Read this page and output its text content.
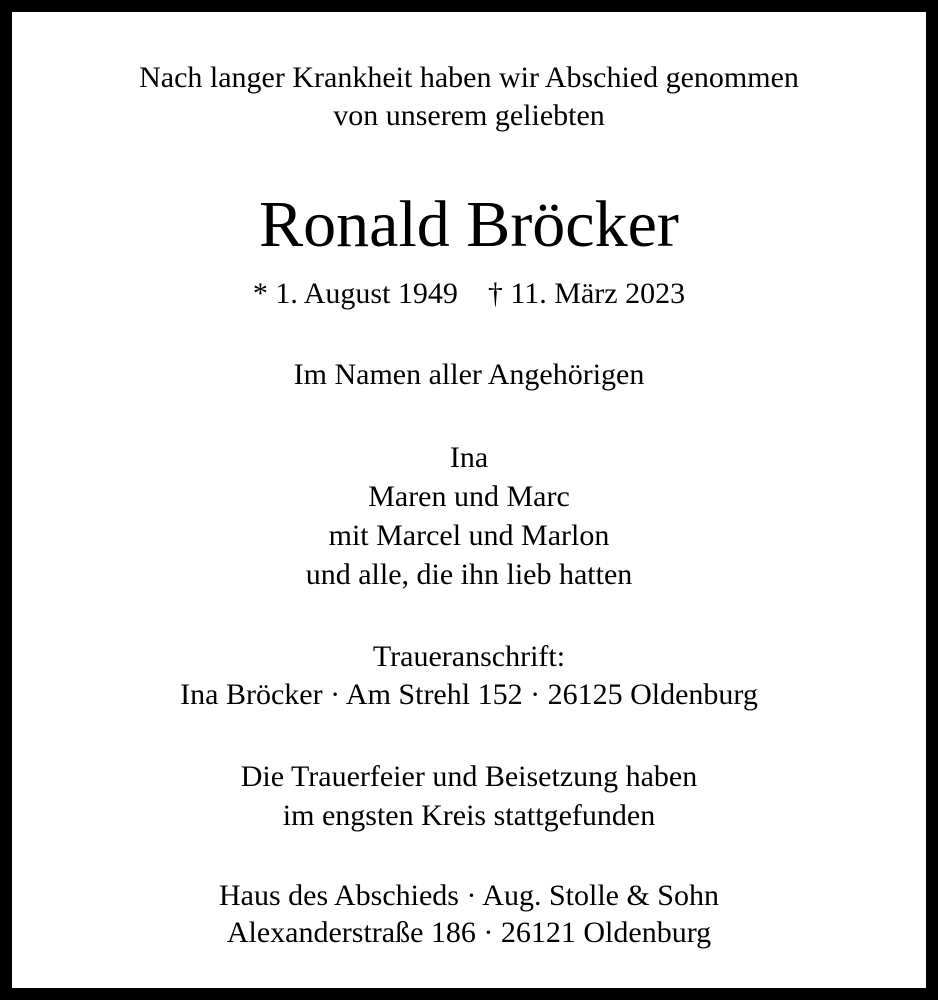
Nach langer Krankheit haben wir Abschied genommen
von unserem geliebten
Ronald Bröcker
* 1. August 1949 † 11. März 2023
Im Namen aller Angehörigen
Ina
Maren und Marc
mit Marcel und Marlon
und alle, die ihn lieb hatten
Traueranschrift:
Ina Bröcker · Am Strehl 152 · 26125 Oldenburg
Die Trauerfeier und Beisetzung haben
im engsten Kreis stattgefunden
Haus des Abschieds · Aug. Stolle & Sohn
Alexanderstraße 186 · 26121 Oldenburg
